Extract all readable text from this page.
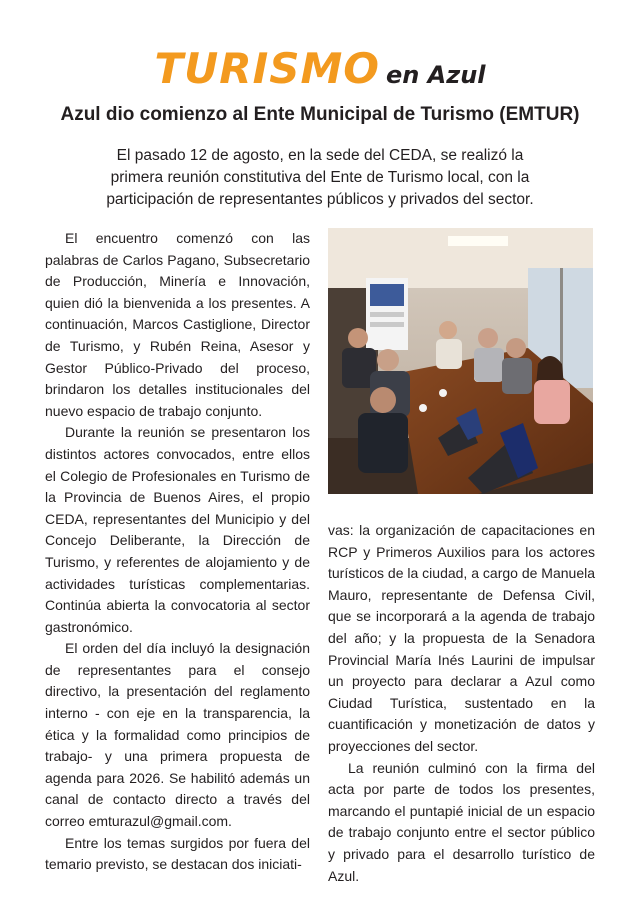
TURISMO en Azul
Azul dio comienzo al Ente Municipal de Turismo (EMTUR)
El pasado 12 de agosto, en la sede del CEDA, se realizó la primera reunión constitutiva del Ente de Turismo local, con la participación de representantes públicos y privados del sector.

El encuentro comenzó con las palabras de Carlos Pagano, Subsecretario de Producción, Minería e Innovación, quien dió la bienvenida a los presentes. A continuación, Marcos Castiglione, Director de Turismo, y Rubén Reina, Asesor y Gestor Público-Privado del proceso, brindaron los detalles institucionales del nuevo espacio de trabajo conjunto.

Durante la reunión se presentaron los distintos actores convocados, entre ellos el Colegio de Profesionales en Turismo de la Provincia de Buenos Aires, el propio CEDA, representantes del Municipio y del Concejo Deliberante, la Dirección de Turismo, y referentes de alojamiento y de actividades turísticas complementarias. Continúa abierta la convocatoria al sector gastronómico.

El orden del día incluyó la designación de representantes para el consejo directivo, la presentación del reglamento interno - con eje en la transparencia, la ética y la formalidad como principios de trabajo- y una primera propuesta de agenda para 2026. Se habilitó además un canal de contacto directo a través del correo emturazul@gmail.com.

Entre los temas surgidos por fuera del temario previsto, se destacan dos iniciati-

vas: la organización de capacitaciones en RCP y Primeros Auxilios para los actores turísticos de la ciudad, a cargo de Manuela Mauro, representante de Defensa Civil, que se incorporará a la agenda de trabajo del año; y la propuesta de la Senadora Provincial María Inés Laurini de impulsar un proyecto para declarar a Azul como Ciudad Turística, sustentado en la cuantificación y monetización de datos y proyecciones del sector.

La reunión culminó con la firma del acta por parte de todos los presentes, marcando el puntapié inicial de un espacio de trabajo conjunto entre el sector público y privado para el desarrollo turístico de Azul.
